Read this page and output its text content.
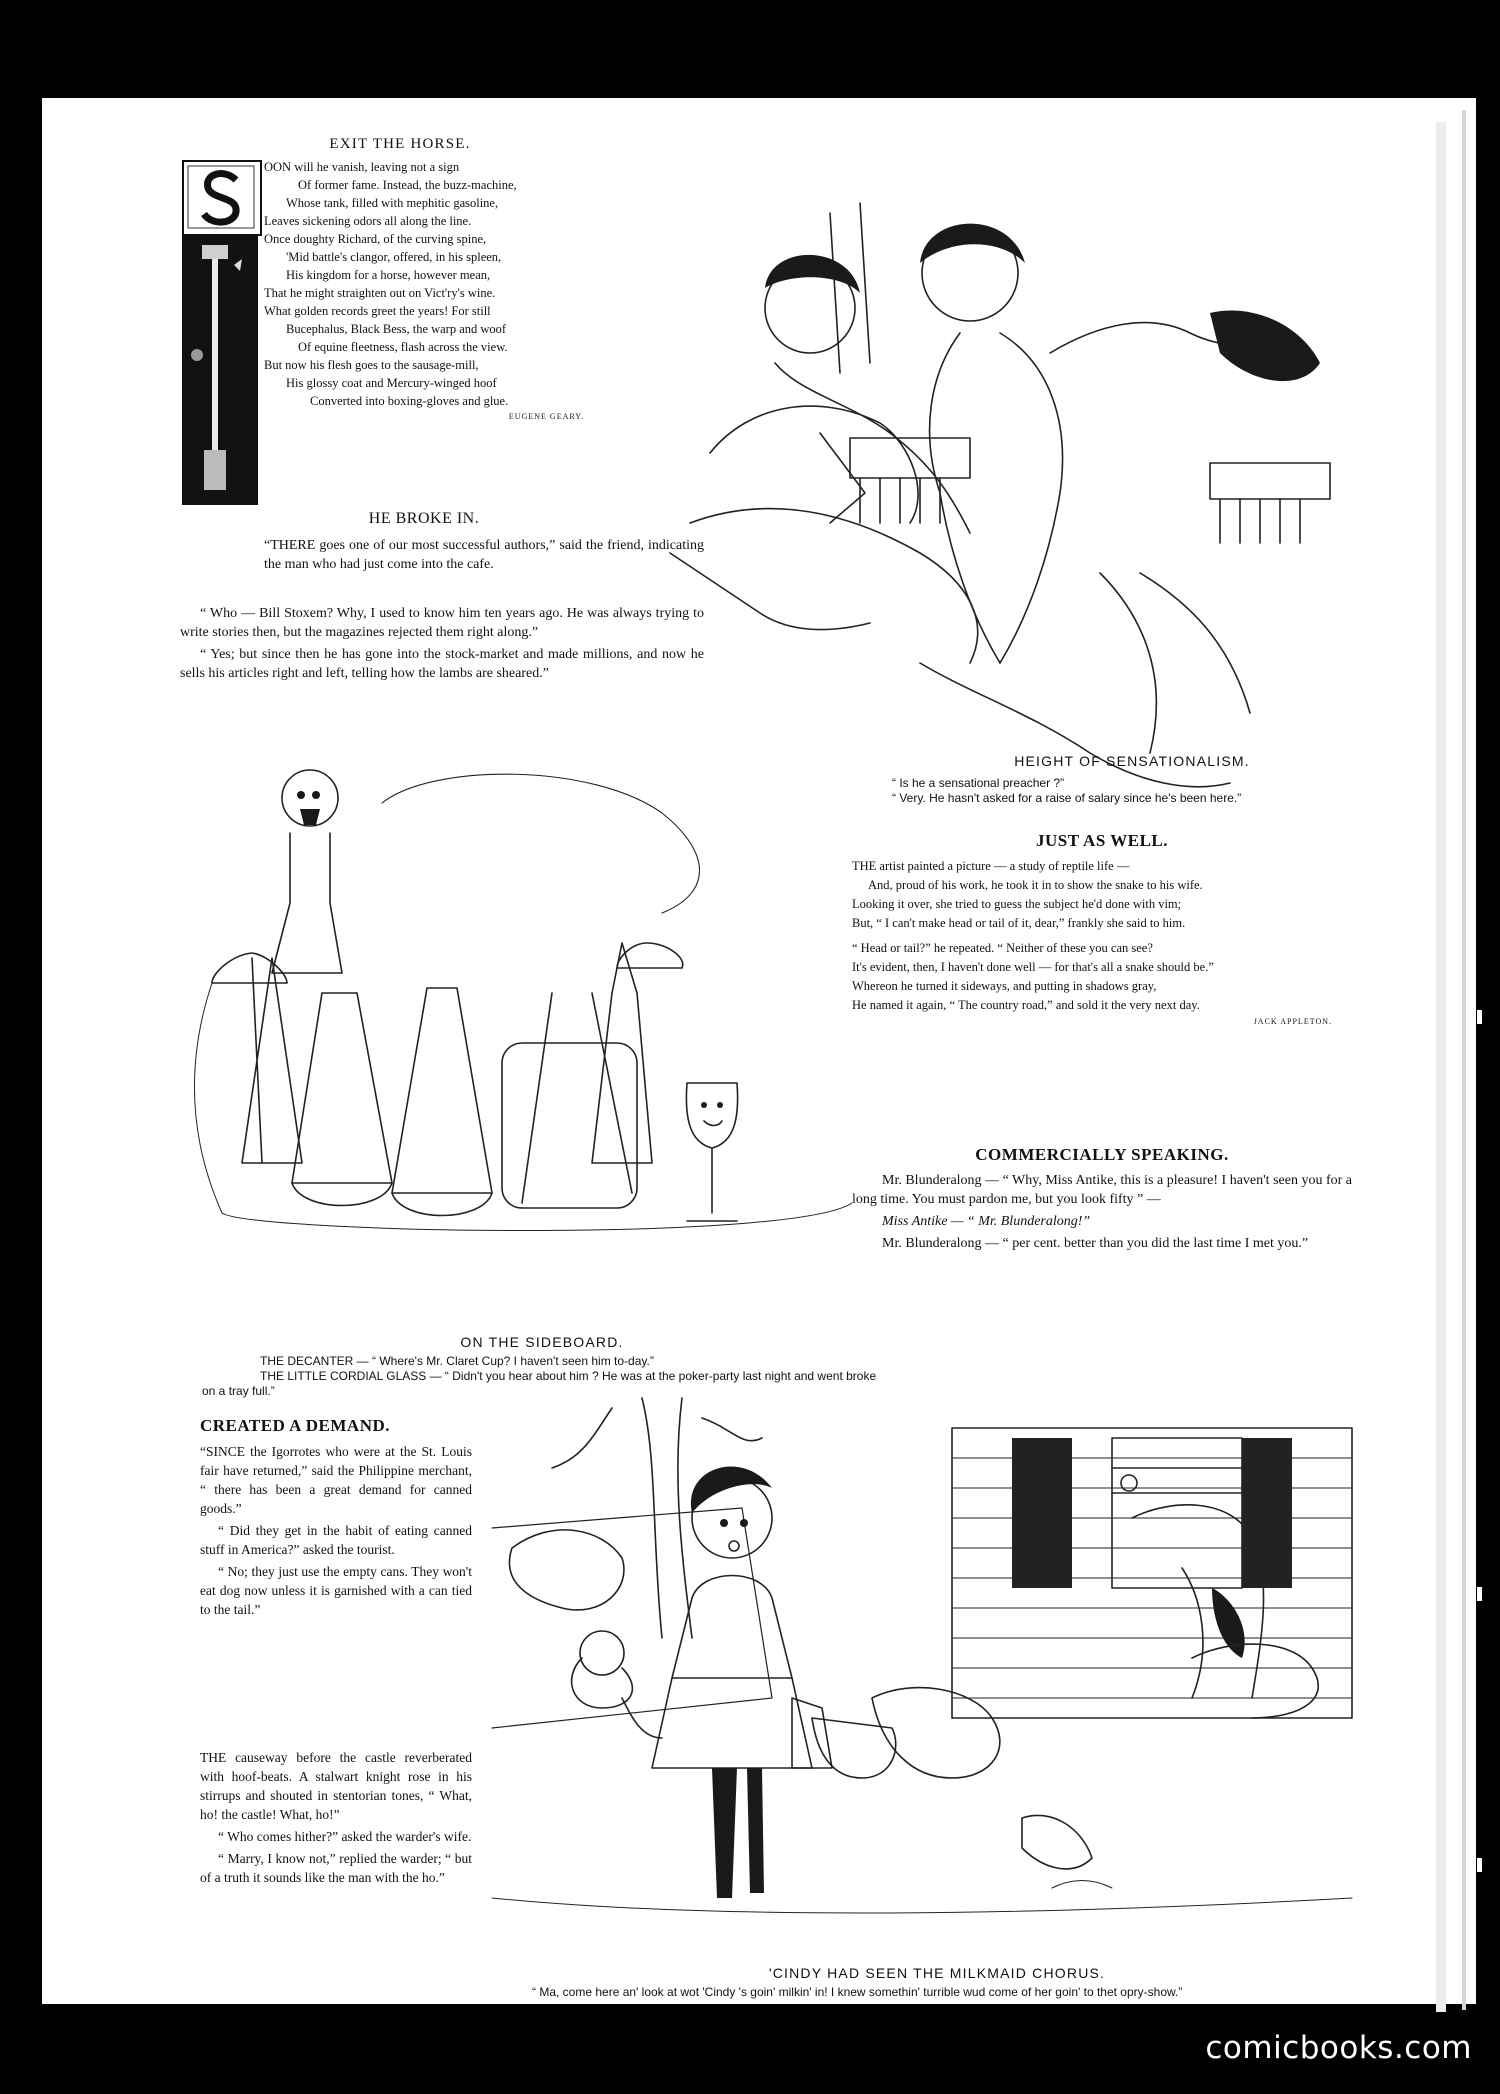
EXIT THE HORSE.
OON will he vanish, leaving not a sign
Of former fame. Instead, the buzz-machine,
Whose tank, filled with mephitic gasoline,
Leaves sickening odors all along the line.
Once doughty Richard, of the curving spine,
'Mid battle's clangor, offered, in his spleen,
His kingdom for a horse, however mean,
That he might straighten out on Vict'ry's wine.
What golden records greet the years! For still
Bucephalus, Black Bess, the warp and woof
Of equine fleetness, flash across the view.
But now his flesh goes to the sausage-mill,
His glossy coat and Mercury-winged hoof
Converted into boxing-gloves and glue.
EUGENE GEARY.
HE BROKE IN.

“THERE goes one of our most successful authors,” said the friend, indicating the man who had just come into the cafe.

“ Who — Bill Stoxem? Why, I used to know him ten years ago. He was always trying to write stories then, but the magazines rejected them right along.”

“ Yes; but since then he has gone into the stock-market and made millions, and now he sells his articles right and left, telling how the lambs are sheared.”

HEIGHT OF SENSATIONALISM.

“ Is he a sensational preacher ?”

“ Very. He hasn't asked for a raise of salary since he's been here.”

JUST AS WELL.
THE artist painted a picture — a study of reptile life —
And, proud of his work, he took it in to show the snake to his wife.
Looking it over, she tried to guess the subject he'd done with vim;
But, “ I can't make head or tail of it, dear,” frankly she said to him.
“ Head or tail?” he repeated. “ Neither of these you can see?
It's evident, then, I haven't done well — for that's all a snake should be.”
Whereon he turned it sideways, and putting in shadows gray,
He named it again, “ The country road,” and sold it the very next day.
JACK APPLETON.
COMMERCIALLY SPEAKING.

Mr. Blunderalong — “ Why, Miss Antike, this is a pleasure! I haven't seen you for a long time. You must pardon me, but you look fifty ” —

Miss Antike — “ Mr. Blunderalong!”

Mr. Blunderalong — “ per cent. better than you did the last time I met you.”

ON THE SIDEBOARD.

THE DECANTER — “ Where's Mr. Claret Cup? I haven't seen him to-day.”

THE LITTLE CORDIAL GLASS — “ Didn't you hear about him ? He was at the poker-party last night and went broke on a tray full.”

CREATED A DEMAND.

“SINCE the Igorrotes who were at the St. Louis fair have returned,” said the Philippine merchant, “ there has been a great demand for canned goods.”

“ Did they get in the habit of eating canned stuff in America?” asked the tourist.

“ No; they just use the empty cans. They won't eat dog now unless it is garnished with a can tied to the tail.”

THE causeway before the castle reverberated with hoof-beats. A stalwart knight rose in his stirrups and shouted in stentorian tones, “ What, ho! the castle! What, ho!”

“ Who comes hither?” asked the warder's wife.

“ Marry, I know not,” replied the warder; “ but of a truth it sounds like the man with the ho.”

'CINDY HAD SEEN THE MILKMAID CHORUS.

“ Ma, come here an' look at wot 'Cindy 's goin' milkin' in! I knew somethin' turrible wud come of her goin' to thet opry-show.”

comicbooks.com
